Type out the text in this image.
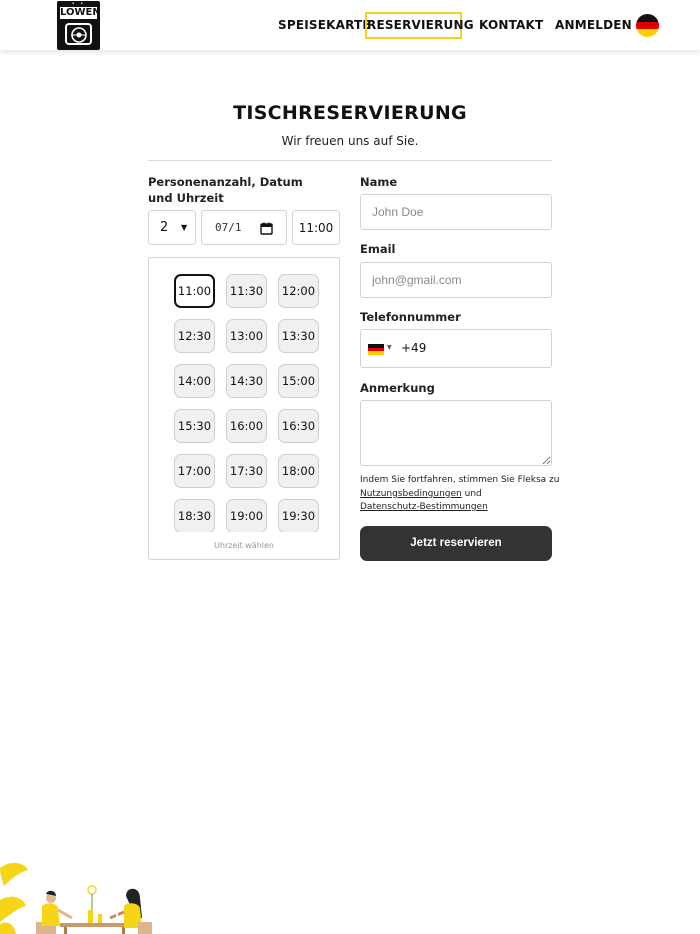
• •
LÖWEN
SPEISEKARTE
RESERVIERUNG KONTAKT ANMELDEN
TISCHRESERVIERUNG

Wir freuen uns auf Sie.

Personenanzahl, Datum und Uhrzeit
2 ▼	07/1	11:00
11:00	11:30	12:00
12:30	13:00	13:30
14:00	14:30	15:00
15:30	16:00	16:30
17:00	17:30	18:00
18:30	19:00	19:30
Uhrzeit wählen
Name
John Doe
Email
john@gmail.com
Telefonnummer
▼ +49
Anmerkung
Indem Sie fortfahren, stimmen Sie Fleksa zu Nutzungsbedingungen und
Datenschutz-Bestimmungen
Jetzt reservieren
